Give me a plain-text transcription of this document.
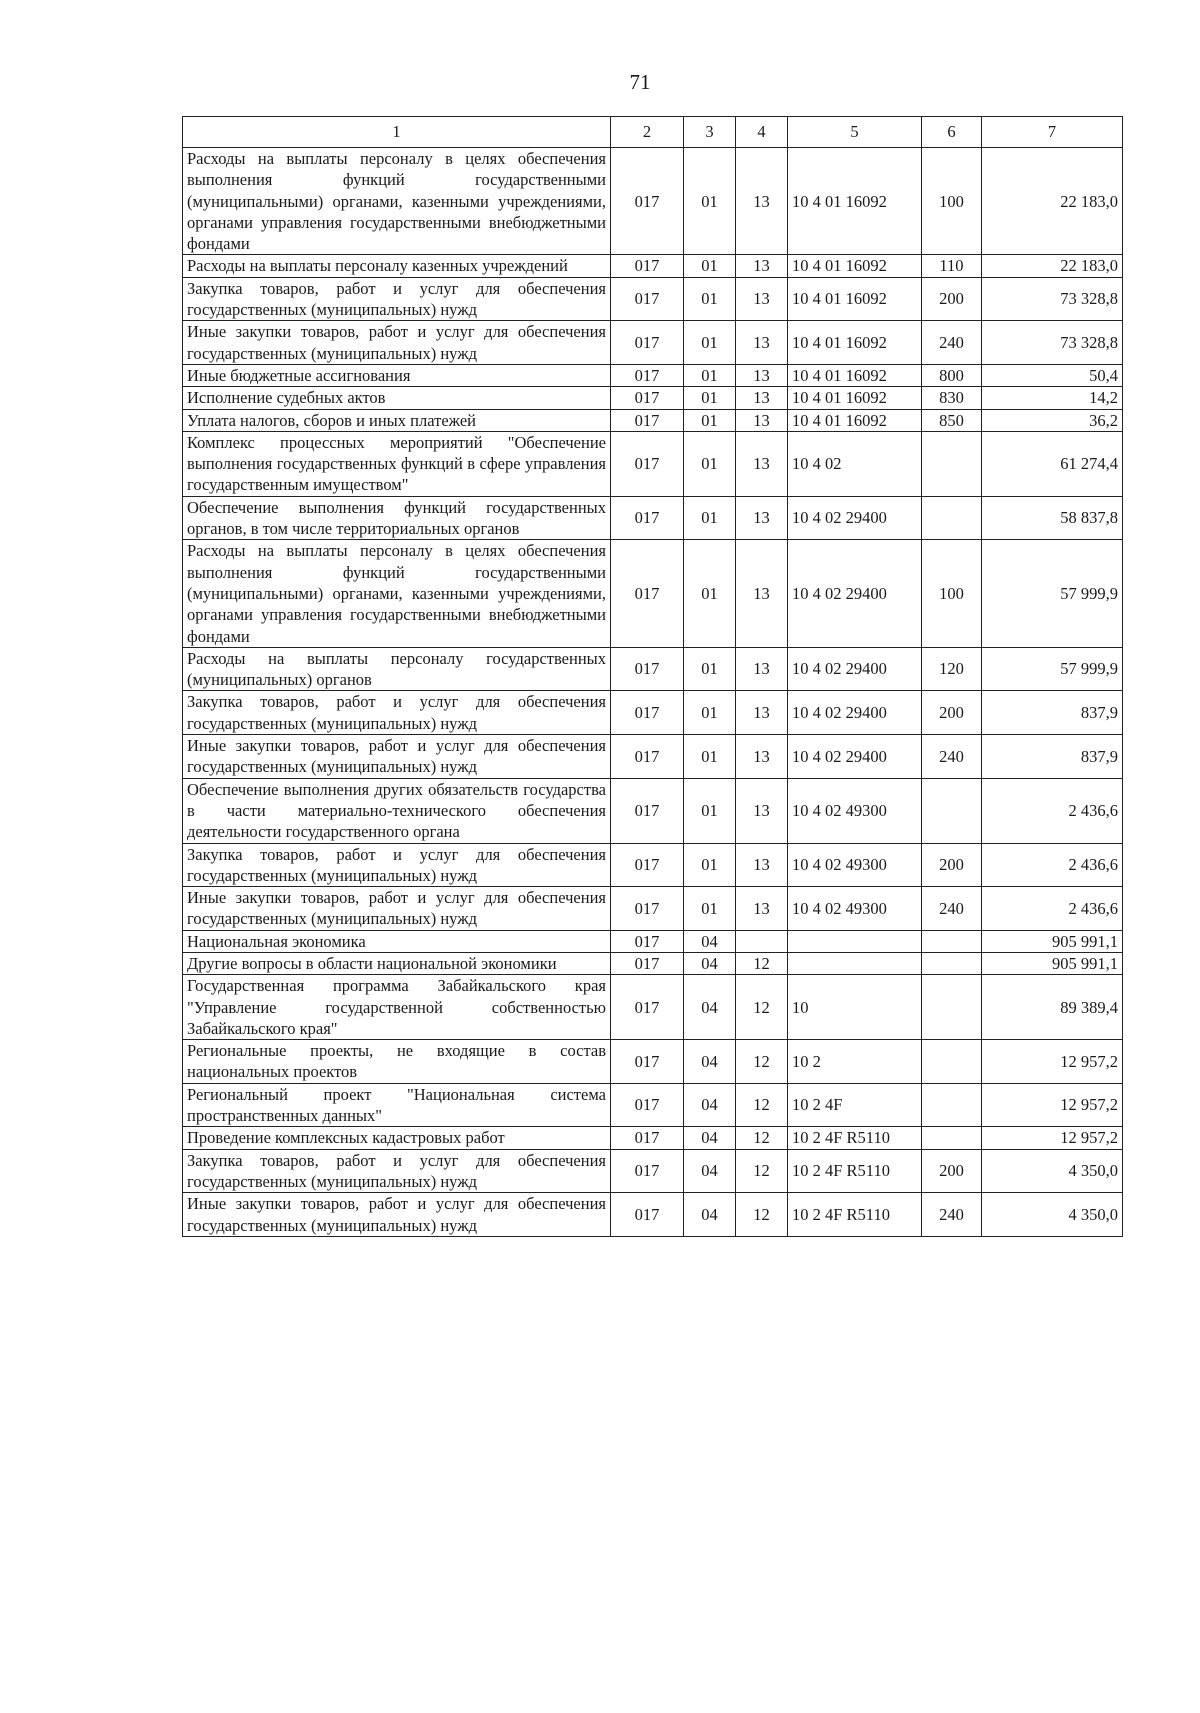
71
1	2	3	4	5	6	7
Расходы на выплаты персоналу в целях обеспечения выполнения функций государственными (муниципальными) органами, казенными учреждениями, органами управления государственными внебюджетными фондами	017	01	13	10 4 01 16092	100	22 183,0
Расходы на выплаты персоналу казенных учреждений	017	01	13	10 4 01 16092	110	22 183,0
Закупка товаров, работ и услуг для обеспечения государственных (муниципальных) нужд	017	01	13	10 4 01 16092	200	73 328,8
Иные закупки товаров, работ и услуг для обеспечения государственных (муниципальных) нужд	017	01	13	10 4 01 16092	240	73 328,8
Иные бюджетные ассигнования	017	01	13	10 4 01 16092	800	50,4
Исполнение судебных актов	017	01	13	10 4 01 16092	830	14,2
Уплата налогов, сборов и иных платежей	017	01	13	10 4 01 16092	850	36,2
Комплекс процессных мероприятий "Обеспечение выполнения государственных функций в сфере управления государственным имуществом"	017	01	13	10 4 02		61 274,4
Обеспечение выполнения функций государственных органов, в том числе территориальных органов	017	01	13	10 4 02 29400		58 837,8
Расходы на выплаты персоналу в целях обеспечения выполнения функций государственными (муниципальными) органами, казенными учреждениями, органами управления государственными внебюджетными фондами	017	01	13	10 4 02 29400	100	57 999,9
Расходы на выплаты персоналу государственных (муниципальных) органов	017	01	13	10 4 02 29400	120	57 999,9
Закупка товаров, работ и услуг для обеспечения государственных (муниципальных) нужд	017	01	13	10 4 02 29400	200	837,9
Иные закупки товаров, работ и услуг для обеспечения государственных (муниципальных) нужд	017	01	13	10 4 02 29400	240	837,9
Обеспечение выполнения других обязательств государства в части материально-технического обеспечения деятельности государственного органа	017	01	13	10 4 02 49300		2 436,6
Закупка товаров, работ и услуг для обеспечения государственных (муниципальных) нужд	017	01	13	10 4 02 49300	200	2 436,6
Иные закупки товаров, работ и услуг для обеспечения государственных (муниципальных) нужд	017	01	13	10 4 02 49300	240	2 436,6
Национальная экономика	017	04				905 991,1
Другие вопросы в области национальной экономики	017	04	12			905 991,1
Государственная программа Забайкальского края "Управление государственной собственностью Забайкальского края"	017	04	12	10		89 389,4
Региональные проекты, не входящие в состав национальных проектов	017	04	12	10 2		12 957,2
Региональный проект "Национальная система пространственных данных"	017	04	12	10 2 4F		12 957,2
Проведение комплексных кадастровых работ	017	04	12	10 2 4F R5110		12 957,2
Закупка товаров, работ и услуг для обеспечения государственных (муниципальных) нужд	017	04	12	10 2 4F R5110	200	4 350,0
Иные закупки товаров, работ и услуг для обеспечения государственных (муниципальных) нужд	017	04	12	10 2 4F R5110	240	4 350,0
